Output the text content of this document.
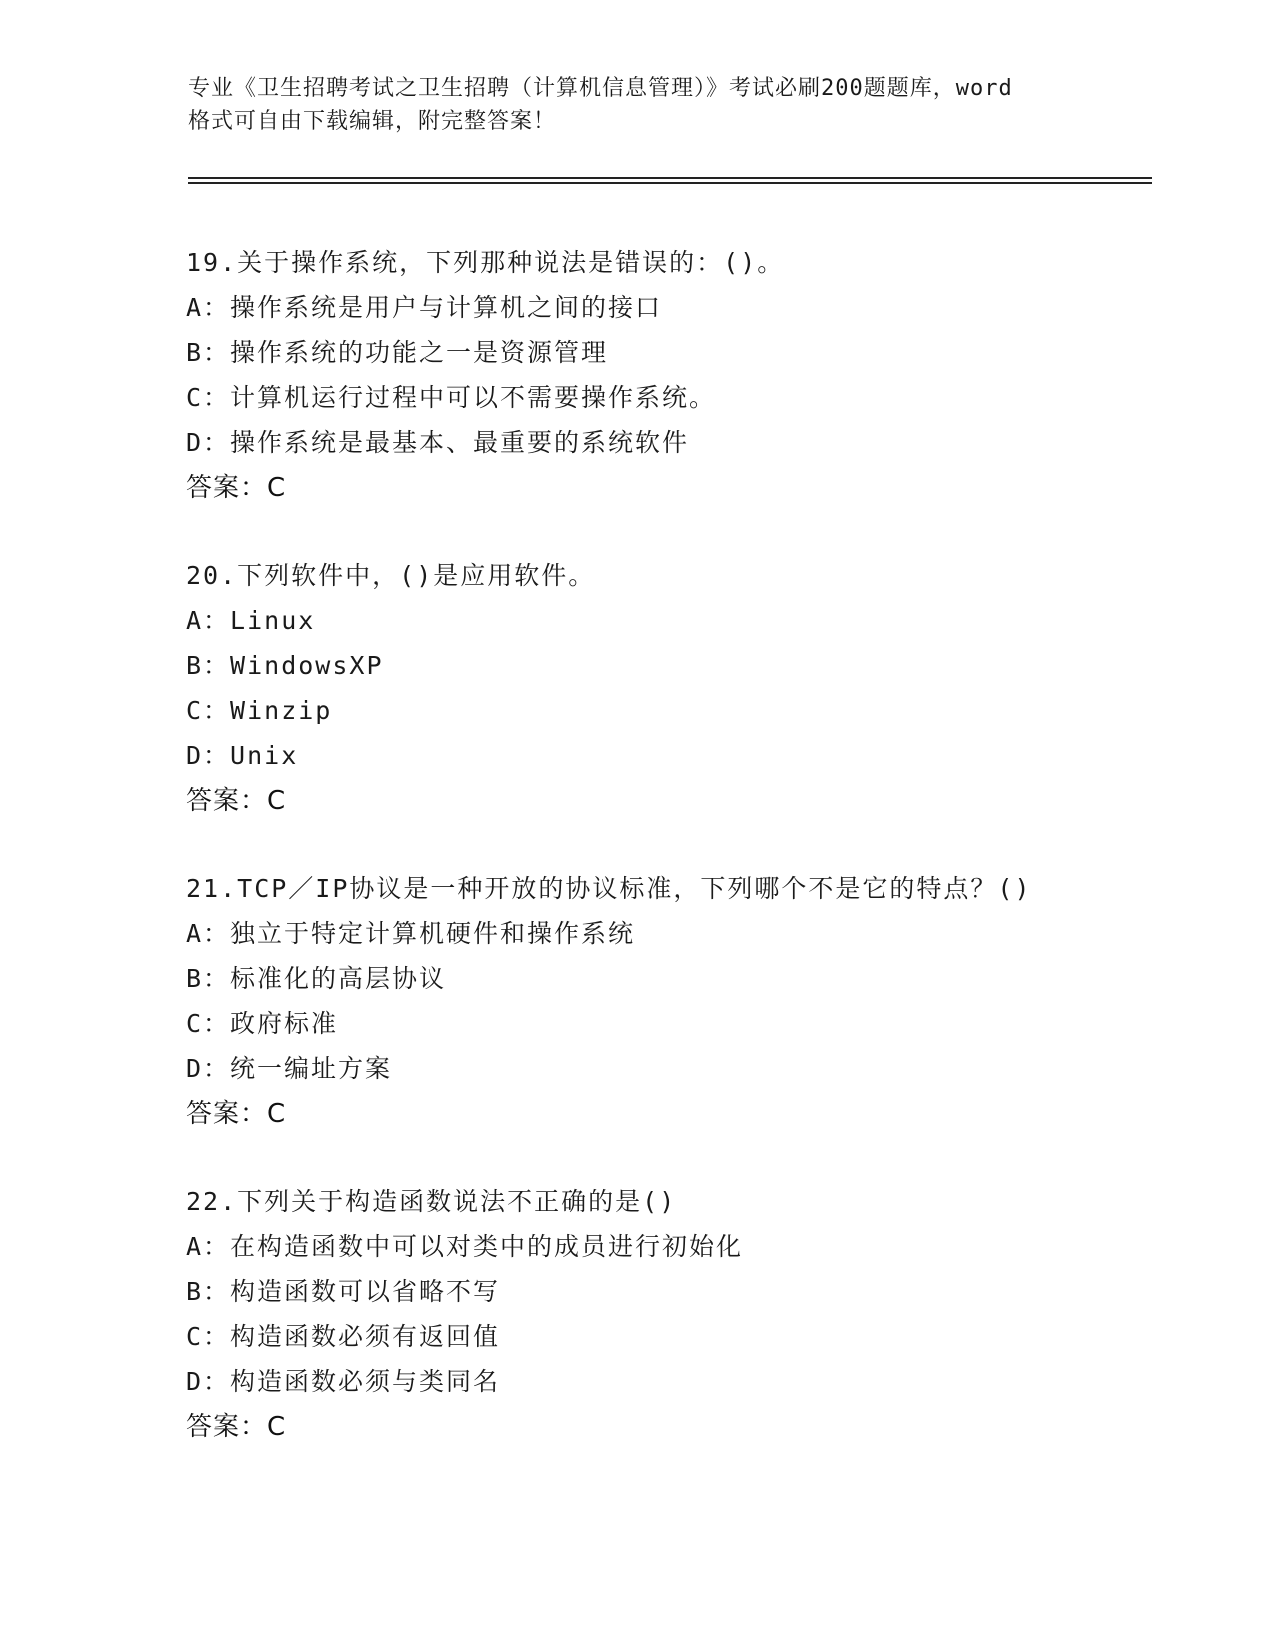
专业《卫生招聘考试之卫生招聘（计算机信息管理）》考试必刷200题题库，word
格式可自由下载编辑，附完整答案！
19.关于操作系统，下列那种说法是错误的：()。
A：操作系统是用户与计算机之间的接口
B：操作系统的功能之一是资源管理
C：计算机运行过程中可以不需要操作系统。
D：操作系统是最基本、最重要的系统软件
答案：C
20.下列软件中，()是应用软件。
A：Linux
B：WindowsXP
C：Winzip
D：Unix
答案：C
21.TCP／IP协议是一种开放的协议标准，下列哪个不是它的特点？()
A：独立于特定计算机硬件和操作系统
B：标准化的高层协议
C：政府标准
D：统一编址方案
答案：C
22.下列关于构造函数说法不正确的是()
A：在构造函数中可以对类中的成员进行初始化
B：构造函数可以省略不写
C：构造函数必须有返回值
D：构造函数必须与类同名
答案：C
